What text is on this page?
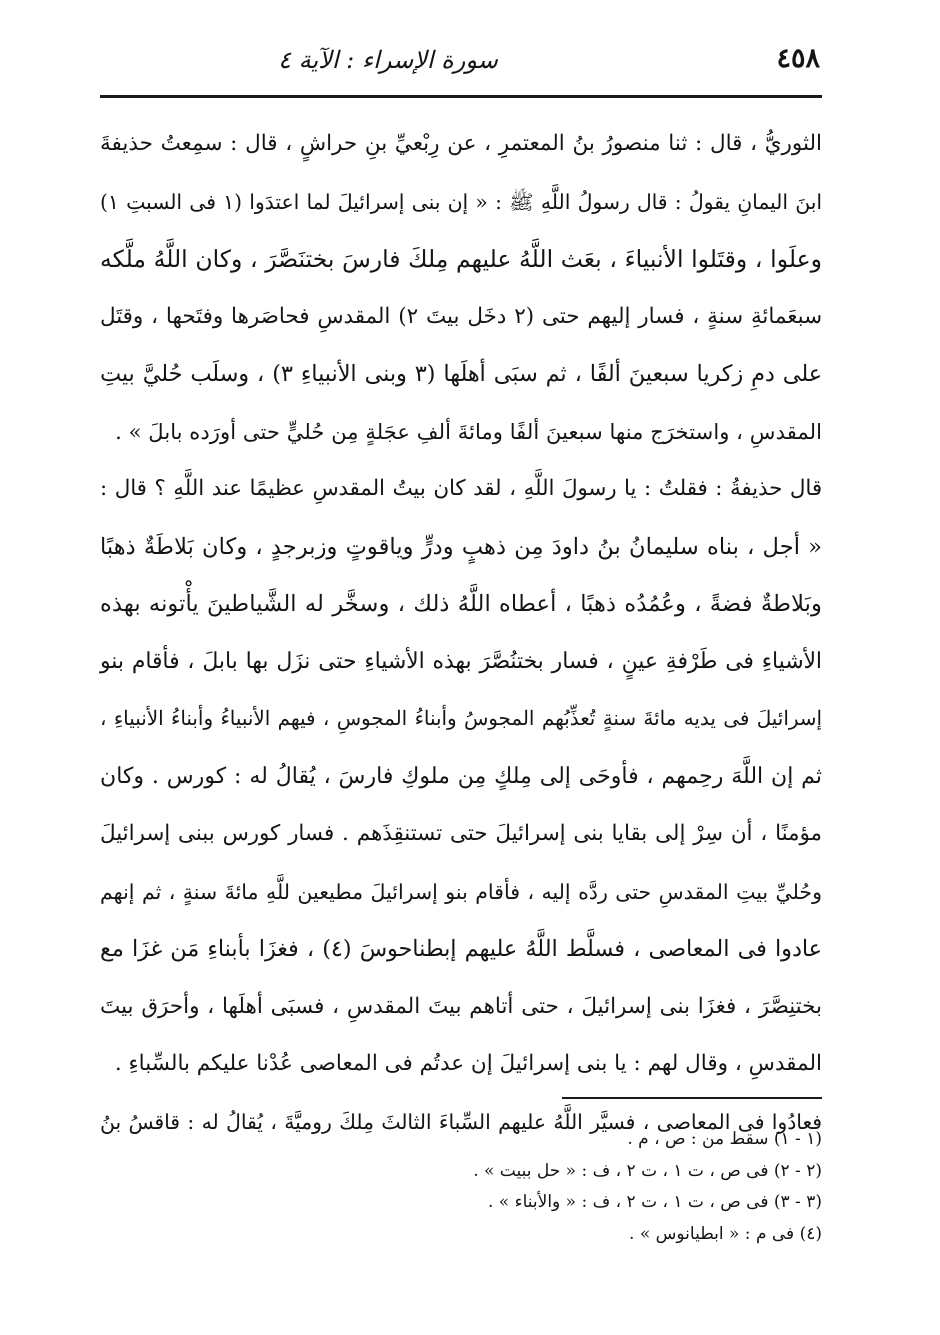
٤٥٨
سورة الإسراء : الآية ٤
الثوريُّ ، قال : ثنا منصورُ بنُ المعتمرِ ، عن رِبْعيِّ بنِ حراشٍ ، قال : سمِعتُ حذيفةَ
ابنَ اليمانِ يقولُ : قال رسولُ اللَّهِ ﷺ : « إن بنى إسرائيلَ لما اعتدَوا (١ فى السبتِ ١)
وعلَوا ، وقتَلوا الأنبياءَ ، بعَث اللَّهُ عليهم مِلكَ فارسَ بختنَصَّرَ ، وكان اللَّهُ ملَّكه
سبعَمائةِ سنةٍ ، فسار إليهم حتى (٢ دخَل بيتَ ٢) المقدسِ فحاصَرها وفتَحها ، وقتَل
على دمِ زكريا سبعينَ ألفًا ، ثم سبَى أهلَها (٣ وبنى الأنبياءِ ٣) ، وسلَب حُليَّ بيتِ
المقدسِ ، واستخرَج منها سبعينَ ألفًا ومائةَ ألفِ عجَلةٍ مِن حُليٍّ حتى أورَده بابلَ » .
قال حذيفةُ : فقلتُ : يا رسولَ اللَّهِ ، لقد كان بيتُ المقدسِ عظيمًا عند اللَّهِ ؟ قال :
« أجل ، بناه سليمانُ بنُ داودَ مِن ذهبٍ ودرٍّ وياقوتٍ وزبرجدٍ ، وكان بَلاطَةٌ ذهبًا
وبَلاطةٌ فضةً ، وعُمُدُه ذهبًا ، أعطاه اللَّهُ ذلك ، وسخَّر له الشَّياطينَ يأْتونه بهذه
الأشياءِ فى طَرْفةِ عينٍ ، فسار بختنُصَّرَ بهذه الأشياءِ حتى نزَل بها بابلَ ، فأقام بنو
إسرائيلَ فى يديه مائةَ سنةٍ تُعذِّبُهم المجوسُ وأبناءُ المجوسِ ، فيهم الأنبياءُ وأبناءُ الأنبياءِ ،
ثم إن اللَّهَ رحِمهم ، فأوحَى إلى مِلكٍ مِن ملوكِ فارسَ ، يُقالُ له : كورس . وكان
مؤمنًا ، أن سِرْ إلى بقايا بنى إسرائيلَ حتى تستنقِذَهم . فسار كورس ببنى إسرائيلَ
وحُليِّ بيتِ المقدسِ حتى ردَّه إليه ، فأقام بنو إسرائيلَ مطيعين للَّهِ مائةَ سنةٍ ، ثم إنهم
عادوا فى المعاصى ، فسلَّط اللَّهُ عليهم إبطناحوسَ (٤) ، فغزَا بأبناءِ مَن غزَا مع
بختنِصَّرَ ، فغزَا بنى إسرائيلَ ، حتى أتاهم بيتَ المقدسِ ، فسبَى أهلَها ، وأحرَق بيتَ
المقدسِ ، وقال لهم : يا بنى إسرائيلَ إن عدتُم فى المعاصى عُدْنا عليكم بالسِّباءِ .
فعادُوا فى المعاصى ، فسيَّر اللَّهُ عليهم السِّباءَ الثالثَ مِلكَ روميَّةَ ، يُقالُ له : قاقسُ بنُ
(١ - ١) سقط من : ص ، م .
(٢ - ٢) فى ص ، ت ١ ، ت ٢ ، ف : « حل ببيت » .
(٣ - ٣) فى ص ، ت ١ ، ت ٢ ، ف : « والأبناء » .
(٤) فى م : « ابطيانوس » .
